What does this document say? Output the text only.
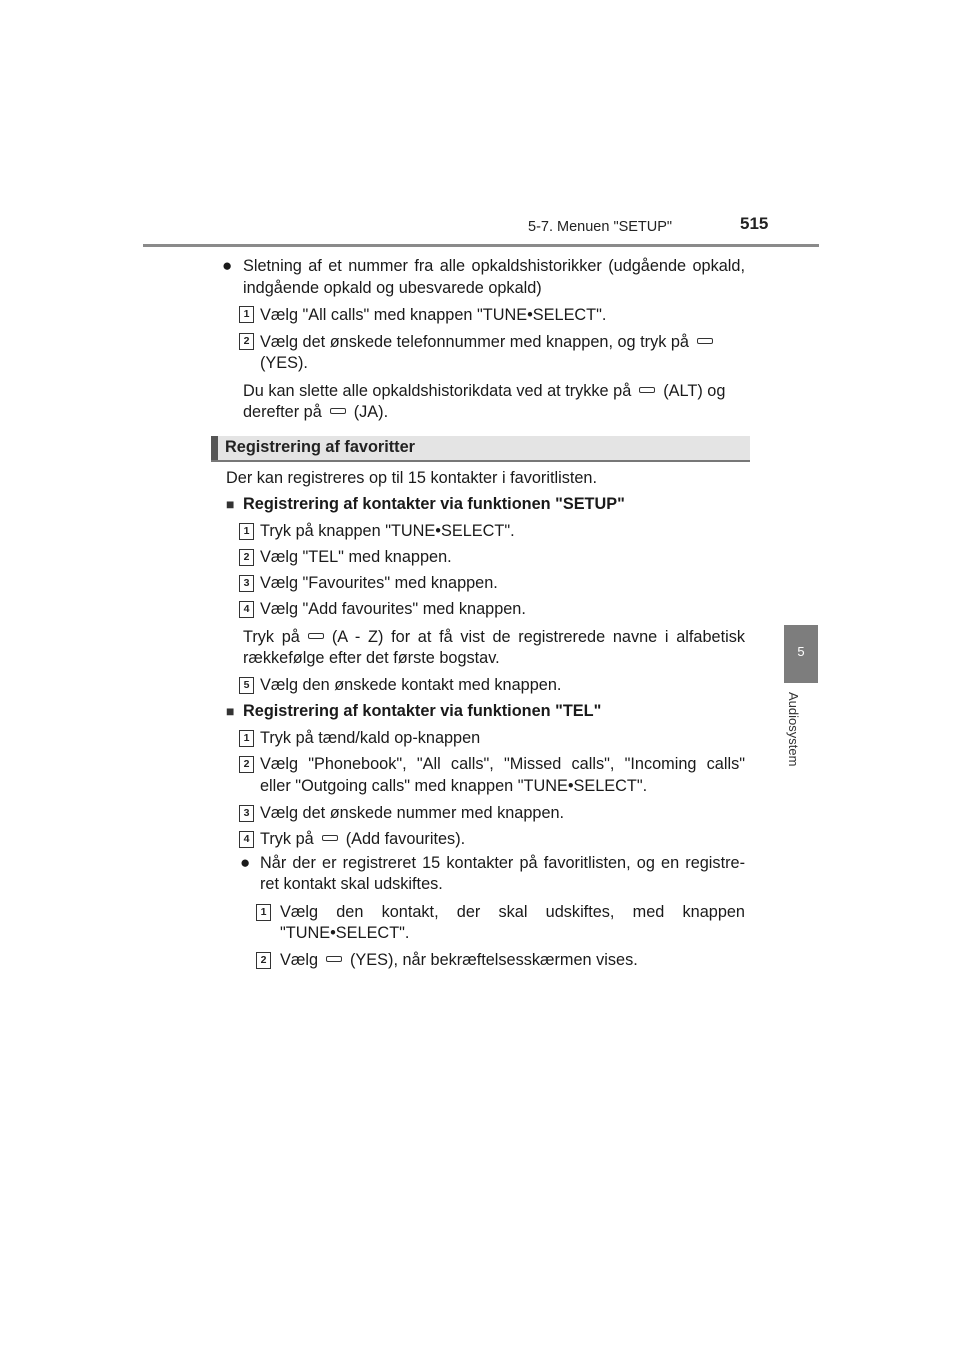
5-7. Menuen "SETUP"	515
5
Audiosystem
● Sletning af et nummer fra alle opkaldshistorikker (udgående opkald,
indgående opkald og ubesvarede opkald)
1 Vælg "All calls" med knappen "TUNE•SELECT".
2 Vælg det ønskede telefonnummer med knappen, og tryk på
(YES).
Du kan slette alle opkaldshistorikdata ved at trykke på (ALT) og
derefter på (JA).
Registrering af favoritter
Der kan registreres op til 15 kontakter i favoritlisten.
■ Registrering af kontakter via funktionen "SETUP"
1 Tryk på knappen "TUNE•SELECT".
2 Vælg "TEL" med knappen.
3 Vælg "Favourites" med knappen.
4 Vælg "Add favourites" med knappen.
Tryk på (A - Z) for at få vist de registrerede navne i alfabetisk
rækkefølge efter det første bogstav.
5 Vælg den ønskede kontakt med knappen.
■ Registrering af kontakter via funktionen "TEL"
1 Tryk på tænd/kald op-knappen
2 Vælg "Phonebook", "All calls", "Missed calls", "Incoming calls"
eller "Outgoing calls" med knappen "TUNE•SELECT".
3 Vælg det ønskede nummer med knappen.
4 Tryk på (Add favourites).
● Når der er registreret 15 kontakter på favoritlisten, og en registre-
ret kontakt skal udskiftes.
1 Vælg den kontakt, der skal udskiftes, med knappen
"TUNE•SELECT".
2 Vælg (YES), når bekræftelsesskærmen vises.
